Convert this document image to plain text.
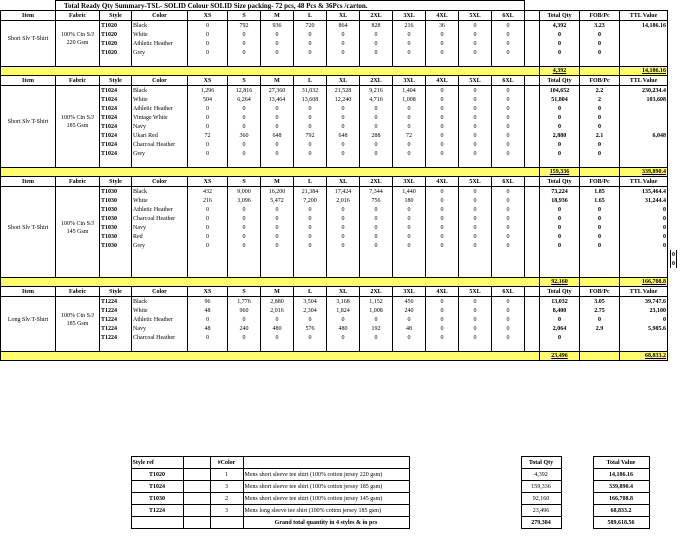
	Total Ready Qty Summary-TSL- SOLID Colour SOLID Size packing- 72 pcs, 48 Pcs & 36Pcs /carton.																		
Item	Fabric	Style	Color	XS	S	M	L	XL	2XL	3XL	4XL	5XL	6XL		Total Qty	FOB/Pc	TTL Value		
Short Slv T-Shirt	100% Ctn S/J 220 Gsm	T1020	Black	0	792	936	720	864	828	216	36	0	0		4,392	3.23	14,186.16		
		T1020	White	0	0	0	0	0	0	0	0	0	0		0	0			
		T1020	Athletic Heather	0	0	0	0	0	0	0	0	0	0		0	0			
		T1020	Grey	0	0	0	0	0	0	0	0	0	0		0	0			

															4,392		14,186.16		
Item	Fabric	Style	Color	XS	S	M	L	XL	2XL	3XL	4XL	5XL	6XL		Total Qty	FOB/Pc	TTL Value		
Short Slv T-Shirt	100% Ctn S/J 185 Gsm	T1024	Black	1,296	12,816	27,360	31,032	21,528	9,216	1,404	0	0	0		104,652	2.2	230,234.4		
		T1024	White	504	6,264	13,464	13,608	12,240	4,716	1,008	0	0	0		51,804	2	103,608		
		T1024	Athletic Heather	0	0	0	0	0	0	0	0	0	0		0	0			
		T1024	Vintage White	0	0	0	0	0	0	0	0	0	0		0	0			
		T1024	Navy	0	0	0	0	0	0	0	0	0	0		0	0			
		T1024	Ukari Red	72	360	648	792	648	288	72	0	0	0		2,880	2.1	6,048		
		T1024	Charcoal Heather	0	0	0	0	0	0	0	0	0	0		0	0			
		T1024	Grey	0	0	0	0	0	0	0	0	0	0		0	0			

															159,336		339,890.4		
Item	Fabric	Style	Color	XS	S	M	L	XL	2XL	3XL	4XL	5XL	6XL		Total Qty	FOB/Pc	TTL Value		
Short Slv T-Shirt	100% Ctn S/J 145 Gsm	T1030	Black	432	9,000	16,200	21,384	17,424	7,344	1,440	0	0	0		73,224	1.85	135,464.4		
		T1030	White	216	3,096	5,472	7,200	2,016	756	180	0	0	0		18,936	1.65	31,244.4		
		T1030	Athletic Heather	0	0	0	0	0	0	0	0	0	0		0	0	0		
		T1030	Charcoal Heather	0	0	0	0	0	0	0	0	0	0		0	0	0		
		T1030	Navy	0	0	0	0	0	0	0	0	0	0		0	0	0		
		T1030	Red	0	0	0	0	0	0	0	0	0	0		0	0	0		
		T1030	Grey	0	0	0	0	0	0	0	0	0	0		0	0	0		
																			0
																			0

															92,160		166,708.8		
Item	Fabric	Style	Color	XS	S	M	L	XL	2XL	3XL	4XL	5XL	6XL		Total Qty	FOB/Pc	TTL Value		
Long Slv T-Shirt	100% Ctn S/J 185 Gsm	T1224	Black	96	1,776	2,880	3,504	3,168	1,152	456	0	0	0		13,032	3.05	39,747.6		
		T1224	White	48	960	2,016	2,304	1,824	1,008	240	0	0	0		8,400	2.75	23,100		
		T1224	Athletic Heather	0	0	0	0	0	0	0	0	0	0		0	0	0		
		T1224	Navy	48	240	480	576	480	192	48	0	0	0		2,064	2.9	5,985.6		
		T1224	Charcoal Heather	0	0	0	0	0	0	0	0	0	0		0				

															23,496		68,833.2		
	Style ref		#Color			Total Qty		Total Value
	T1020		1	Mens short sleeve tee shirt (100% cotton jersey 220 gsm)		4,392		14,186.16
	T1024		3	Mens short sleeve tee shirt (100% cotton jersey 185 gsm)		159,336		339,890.4
	T1030		2	Mens short sleeve tee shirt (100% cotton jersey 145 gsm)		92,160		166,708.8
	T1224		3	Mens long sleeve tee shirt (100% cotton jersey 185 gsm)		23,496		68,833.2
				Grand total quantity in 4 styles & in pcs		279,384		589,618.56
